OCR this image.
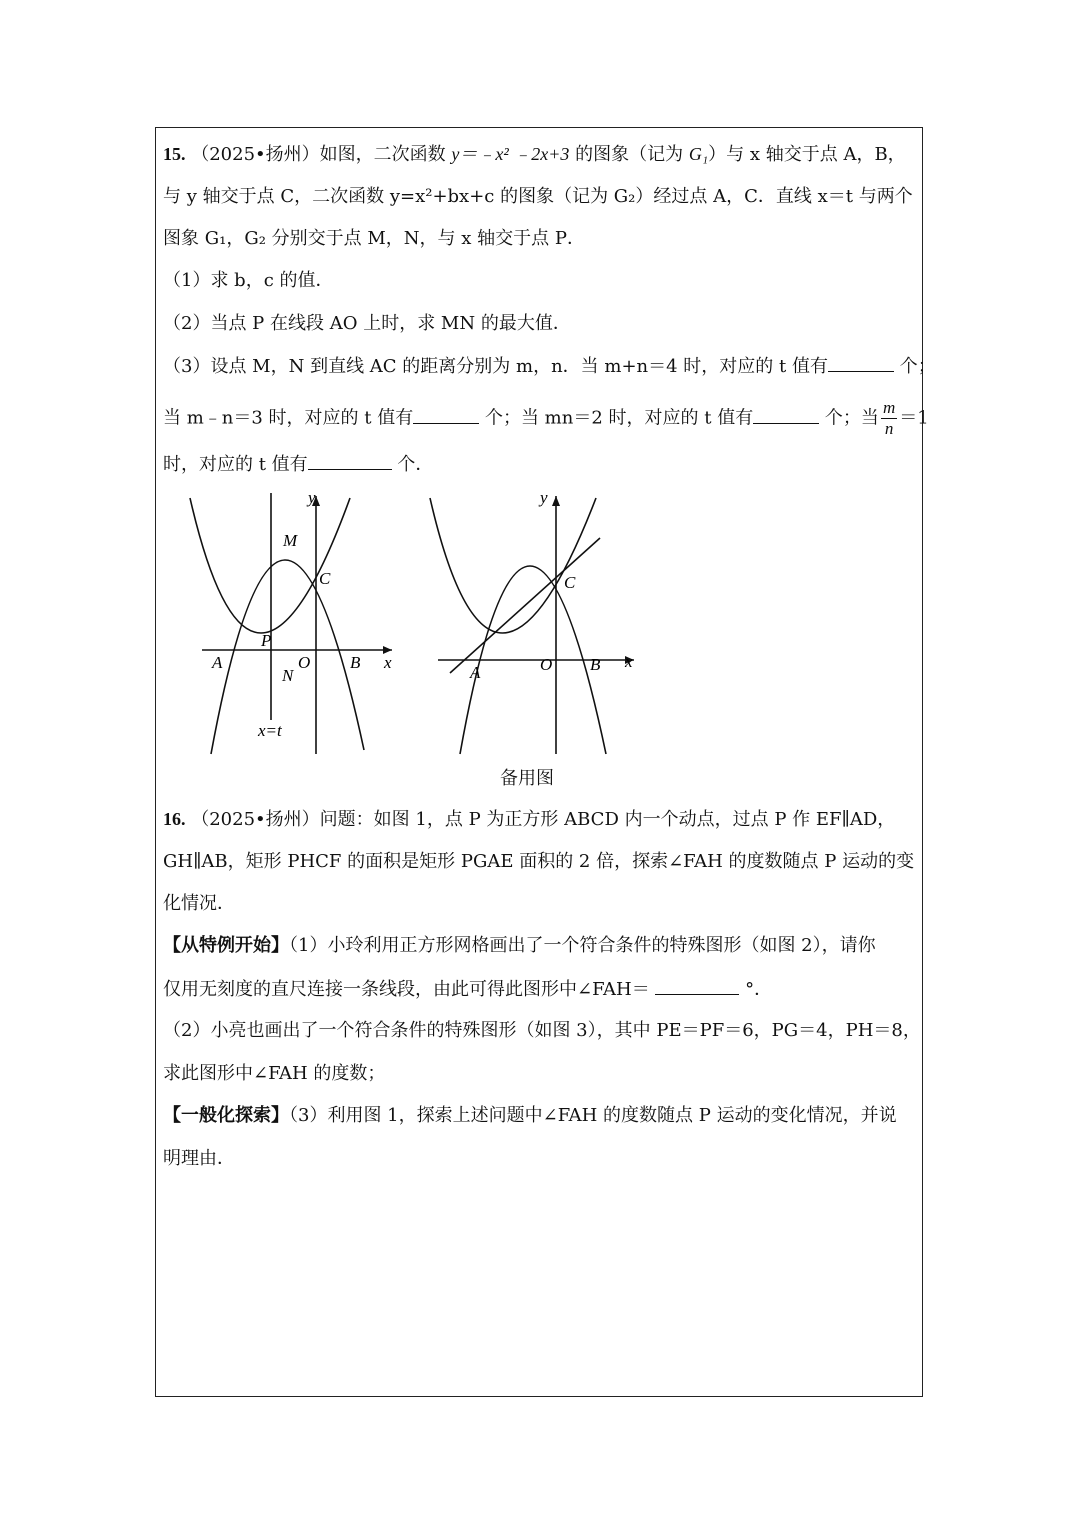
15. （2025•扬州）如图，二次函数 y＝﹣x² ﹣2x+3 的图象（记为 G₁）与 x 轴交于点 A，B，
与 y 轴交于点 C，二次函数 y=x²+bx+c 的图象（记为 G₂）经过点 A，C．直线 x＝t 与两个
图象 G₁，G₂ 分别交于点 M，N，与 x 轴交于点 P．
（1）求 b，c 的值．
（2）当点 P 在线段 AO 上时，求 MN 的最大值．
（3）设点 M，N 到直线 AC 的距离分别为 m，n．当 m+n＝4 时，对应的 t 值有	个；
当 m﹣n＝3 时，对应的 t 值有	个；当 mn＝2 时，对应的 t 值有	个；当 $\frac{m}{n} =1$
时，对应的 t 值有	个．
y
x
M
C
P
A
N
O B
x=t
y
x
C
A	O B
备用图
16. （2025•扬州）问题：如图 1，点 P 为正方形 ABCD 内一个动点，过点 P 作 EF∥AD，
GH∥AB，矩形 PHCF 的面积是矩形 PGAE 面积的 2 倍，探索∠FAH 的度数随点 P 运动的变
化情况．
【从特例开始】（1）小玲利用正方形网格画出了一个符合条件的特殊图形（如图 2），请你
仅用无刻度的直尺连接一条线段，由此可得此图形中∠FAH＝	°．
（2）小亮也画出了一个符合条件的特殊图形（如图 3），其中 PE＝PF＝6，PG＝4，PH＝8，
求此图形中∠FAH 的度数；
【一般化探索】（3）利用图 1，探索上述问题中∠FAH 的度数随点 P 运动的变化情况，并说
明理由．
